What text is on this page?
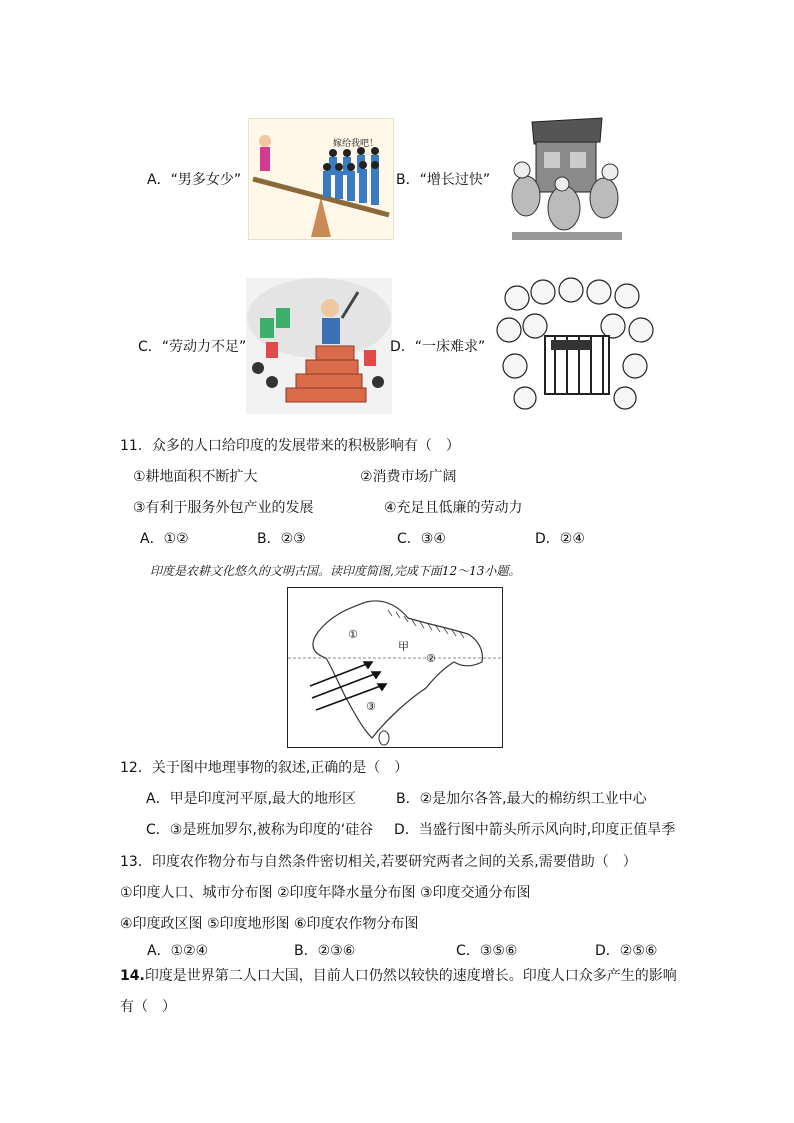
嫁给我吧！
A．“男多女少”	B．“增长过快”
C．“劳动力不足”	D．“一床难求”
11．众多的人口给印度的发展带来的积极影响有（　）
①耕地面积不断扩大	②消费市场广阔
③有利于服务外包产业的发展	④充足且低廉的劳动力
A．①②	B．②③	C．③④	D．②④
印度是农耕文化悠久的文明古国。读印度简图,完成下面12～13小题。
①
甲
②
③
12．关于图中地理事物的叙述,正确的是（　）
A．甲是印度河平原,最大的地形区	B．②是加尔各答,最大的棉纺织工业中心
C．③是班加罗尔,被称为印度的‘硅谷 D．当盛行图中箭头所示风向时,印度正值旱季
13．印度农作物分布与自然条件密切相关,若要研究两者之间的关系,需要借助（　）
①印度人口、城市分布图 ②印度年降水量分布图 ③印度交通分布图
④印度政区图 ⑤印度地形图 ⑥印度农作物分布图
A．①②④	B．②③⑥	C．③⑤⑥	D．②⑤⑥
14.印度是世界第二人口大国，目前人口仍然以较快的速度增长。印度人口众多产生的影响
有（　）
